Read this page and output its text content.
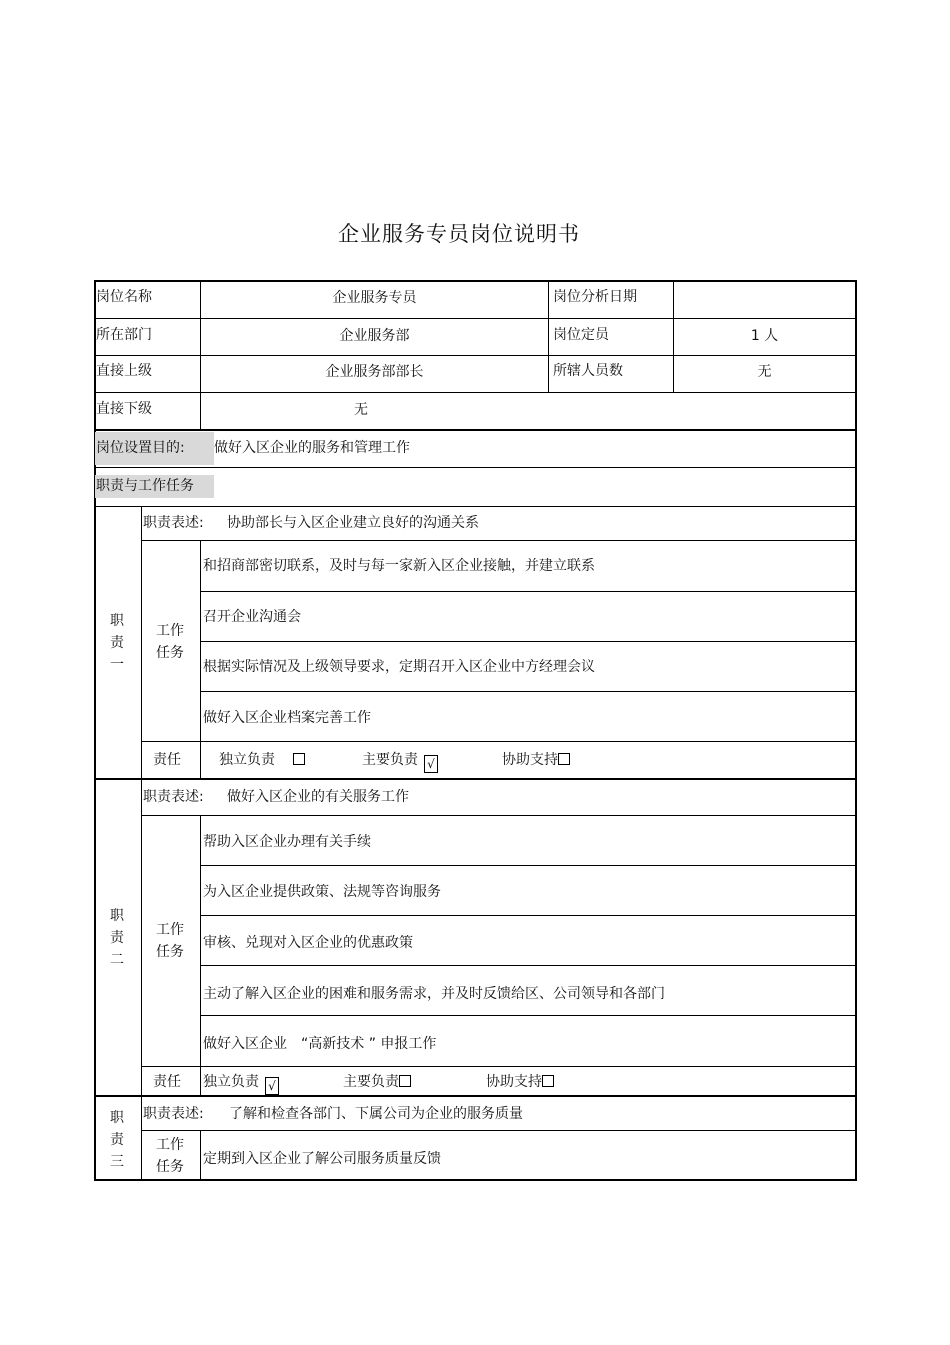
企业服务专员岗位说明书
岗位名称	企业服务专员	岗位分析日期
所在部门	企业服务部	岗位定员	1 人
直接上级	企业服务部部长	所辖人员数	无
直接下级	无
岗位设置目的: 做好入区企业的服务和管理工作
职责与工作任务
职
责
一
职责表述: 协助部长与入区企业建立良好的沟通关系
工作
任务
和招商部密切联系，及时与每一家新入区企业接触，并建立联系
召开企业沟通会
根据实际情况及上级领导要求，定期召开入区企业中方经理会议
做好入区企业档案完善工作
责任	独立负责	主要负责 √	协助支持
职
责
二
职责表述: 做好入区企业的有关服务工作
工作
任务
帮助入区企业办理有关手续
为入区企业提供政策、法规等咨询服务
审核、兑现对入区企业的优惠政策
主动了解入区企业的困难和服务需求，并及时反馈给区、公司领导和各部门
做好入区企业　“高新技术 ” 申报工作
责任 独立负责 √	主要负责	协助支持
职
责
三
职责表述: 了解和检查各部门、下属公司为企业的服务质量
工作
任务	定期到入区企业了解公司服务质量反馈
